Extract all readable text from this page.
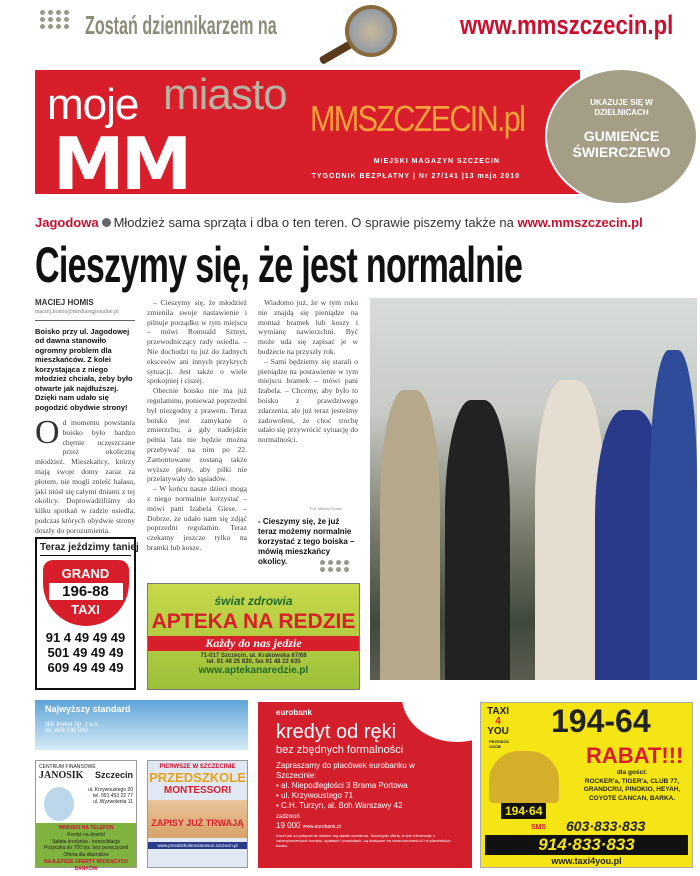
Zostań dziennikarzem na	www.mmszczecin.pl
moje miasto
MM
MMSZCZECIN.pl
MIEJSKI MAGAZYN SZCZECIN
TYGODNIK BEZPŁATNY | Nr 27/141 |13 maja 2010
UKAZUJE SIĘ W DZIELNICACH
GUMIEŃCE
ŚWIERCZEWO
Jagodowa Młodzież sama sprząta i dba o ten teren. O sprawie piszemy także na www.mmszczecin.pl
Cieszymy się, że jest normalnie
MACIEJ HOMIS
maciej.homis@mediaregionalne.pl
Boisko przy ul. Jagodowej od dawna stanowiło ogromny problem dla mieszkańców. Z kolei korzystająca z niego młodzież chciała, żeby było otwarte jak najdłuższej. Dzięki nam udało się pogodzić obydwie strony!
O d momentu powstania boisko było bardzo chętnie uczęszczane przez okoliczną młodzież. Mieszkańcy, którzy mają swoje domy zaraz za płotem, nie mogli znieść hałasu, jaki niósł się całymi dniami z tej okolicy. Doprowadziliśmy do kilku spotkań w radzie osiedla, podczas których obydwie strony doszły do porozumienia.

– Cieszymy się, że młodzież zmieniła swoje nastawienie i pilnuje porządku w tym miejscu – mówi Romuald Szmyt, przewodniczący rady osiedla. – Nie dochodzi tu już do żadnych ekscesów ani innych przykrych sytuacji. Jest także o wiele spokojniej i ciszej.

Obecnie boisko nie ma już regulaminu, ponieważ poprzedni był niezgodny z prawem. Teraz boisko jest zamykane o zmierzchu, a gdy nadejdzie pełnia lata nie będzie można przebywać na nim po 22. Zamontowane zostaną także wyższe płoty, aby piłki nie przelatywały do sąsiadów.

– W końcu nasze dzieci mogą z niego normalnie korzystać – mówi pani Izabela Giese. – Dobrze, że udało nam się zdjąć poprzedni regulamin. Teraz czekamy jeszcze tylko na bramki lub kosze.

Wiadomo już, że w tym roku nie znajdą się pieniądze na montaż bramek lub koszy i wymianę nawierzchni. Być może uda się zapisać je w budżecie na przyszły rok.

– Sami będziemy się starali o pieniądze na postawienie w tym miejscu bramek – mówi pani Izabela. – Chcemy, aby było to boisko z prawdziwego zdarzenia, ale już teraz jesteśmy zadowoleni, że choć trochę udało się przywrócić sytuację do normalności.

Fot. Maciej Homis
- Cieszymy się, że już teraz możemy normalnie korzystać z tego boiska – mówią mieszkańcy okolicy.
Teraz jeździmy taniej
GRAND
196-88
TAXI
91 4 49 49 49
501 49 49 49
609 49 49 49
świat zdrowia
APTEKA NA REDZIE
Każdy do nas jedzie
71-017 Szczecin, ul. Krakowska 67/68
tel. 91 48 25 830, fax 91 48 22 635
www.aptekanaredzie.pl
Najwyższy standard
I&K Invest Sp. z o.o.
tel. 609 130 040
CENTRUM FINANSOWE
JANOSIK	Szczecin
ul. Krzywoustego 20
tel. 091 453 22 77
ul. Wyzwolenia 11
WNIOSKI NA TELEFON
Kredyt na dowód
Spłata kredytów - konsolidacja
Pożyczka do 700 tys. bez poręczycieli
Oferta dla dłużników
NAJLEPSZE OFERTY WIODĄCYCH BANKÓW
PIERWSZE W SZCZECINIE
PRZEDSZKOLE
MONTESSORI
ZAPISY JUŻ TRWAJĄ
www.przedszkolemontessori.szczecin.pl
eurobank
kredyt od ręki
bez zbędnych formalności
Zapraszamy do placówek eurobanku w Szczecinie:
• al. Niepodległości 3 Brama Portowa
• ul. Krzywoustego 71
• C.H. Turzyn, al. Boh.Warszawy 42
zadzwoń
19 000 www.eurobank.pl
Koszt jak za połączenie lokalne wg stawki operatora. Szczegóły oferty, w tym informacje o zabezpieczeniach kredytu, opłatach i prowizjach, są dostępne na www.eurobank.pl i w placówkach banku.
TAXI
4
YOU 194-64
PRZEWÓZ OSÓB	RABAT!!!
dla gości:
ROCKER'a, TIGER'a, CLUB 77, GRANDCRU, PINOKIO, HEYAH, COYOTE CANCAN, BARKA.
194·64
SMS 603·833·833
914·833·833
www.taxi4you.pl
